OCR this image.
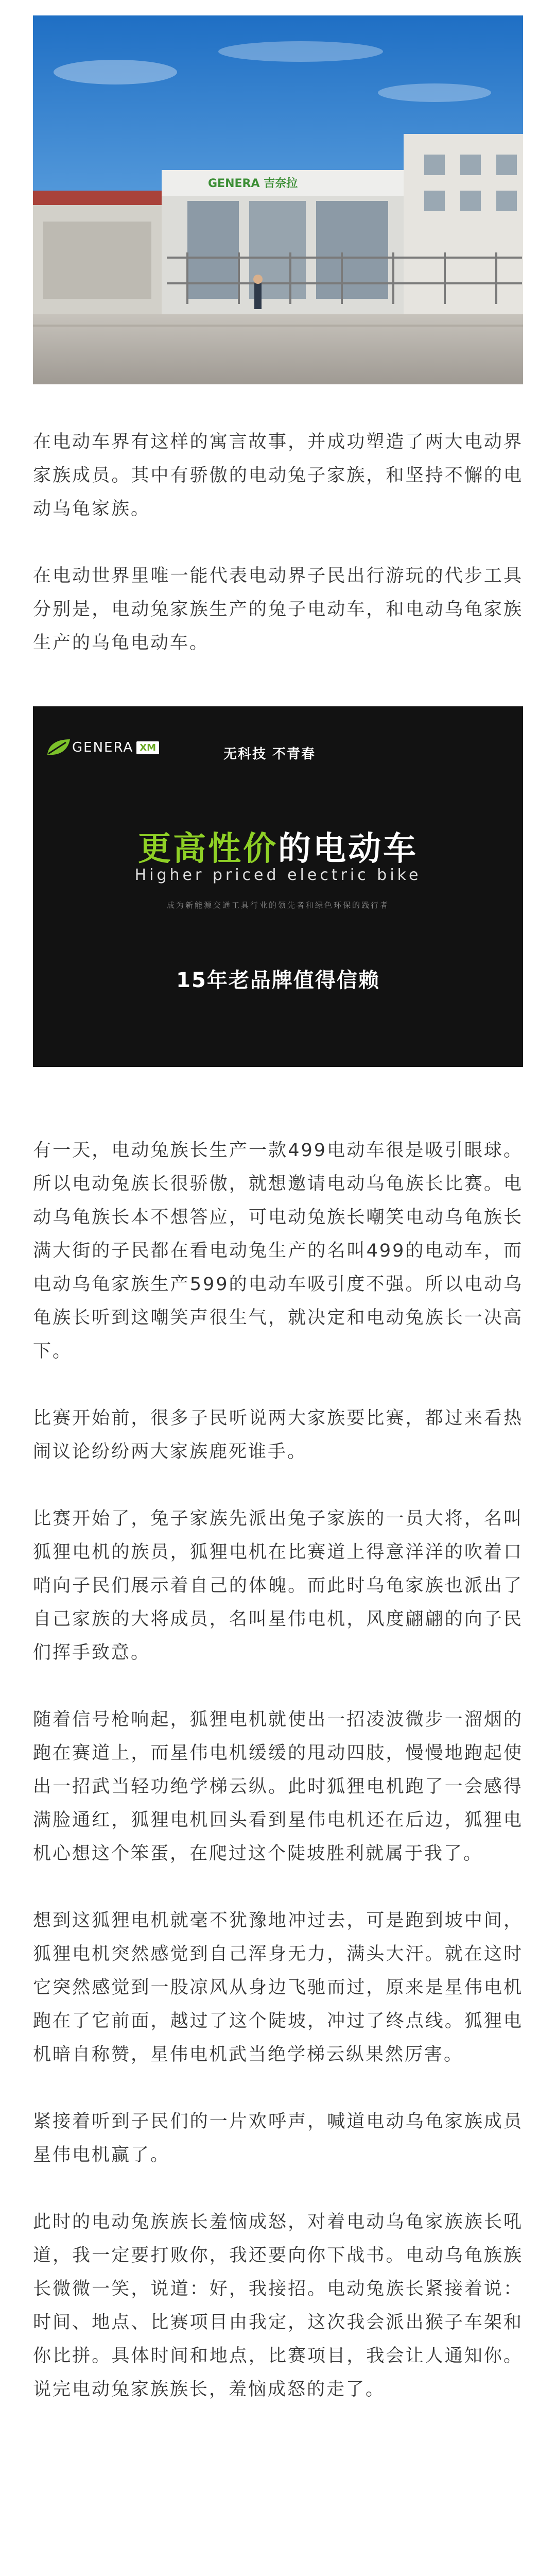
GENERA 吉奈拉

在电动车界有这样的寓言故事，并成功塑造了两大电动界家族成员。其中有骄傲的电动兔子家族，和坚持不懈的电动乌龟家族。

在电动世界里唯一能代表电动界子民出行游玩的代步工具分别是，电动兔家族生产的兔子电动车，和电动乌龟家族生产的乌龟电动车。

GENERA XM	无科技 不青春
更高性价的电动车
Higher priced electric bike
成为新能源交通工具行业的领先者和绿色环保的践行者
15年老品牌值得信赖

有一天，电动兔族长生产一款499电动车很是吸引眼球。所以电动兔族长很骄傲，就想邀请电动乌龟族长比赛。电动乌龟族长本不想答应，可电动兔族长嘲笑电动乌龟族长满大街的子民都在看电动兔生产的名叫499的电动车，而电动乌龟家族生产599的电动车吸引度不强。所以电动乌龟族长听到这嘲笑声很生气，就决定和电动兔族长一决高下。

比赛开始前，很多子民听说两大家族要比赛，都过来看热闹议论纷纷两大家族鹿死谁手。

比赛开始了，兔子家族先派出兔子家族的一员大将，名叫狐狸电机的族员，狐狸电机在比赛道上得意洋洋的吹着口哨向子民们展示着自己的体魄。而此时乌龟家族也派出了自己家族的大将成员，名叫星伟电机，风度翩翩的向子民们挥手致意。

随着信号枪响起，狐狸电机就使出一招凌波微步一溜烟的跑在赛道上，而星伟电机缓缓的甩动四肢，慢慢地跑起使出一招武当轻功绝学梯云纵。此时狐狸电机跑了一会感得满脸通红，狐狸电机回头看到星伟电机还在后边，狐狸电机心想这个笨蛋，在爬过这个陡坡胜利就属于我了。

想到这狐狸电机就毫不犹豫地冲过去，可是跑到坡中间，狐狸电机突然感觉到自己浑身无力，满头大汗。就在这时它突然感觉到一股凉风从身边飞驰而过，原来是星伟电机跑在了它前面，越过了这个陡坡，冲过了终点线。狐狸电机暗自称赞，星伟电机武当绝学梯云纵果然厉害。

紧接着听到子民们的一片欢呼声，喊道电动乌龟家族成员星伟电机赢了。

此时的电动兔族族长羞恼成怒，对着电动乌龟家族族长吼道，我一定要打败你，我还要向你下战书。电动乌龟族族长微微一笑，说道：好，我接招。电动兔族长紧接着说：时间、地点、比赛项目由我定，这次我会派出猴子车架和你比拼。具体时间和地点，比赛项目，我会让人通知你。说完电动兔家族族长，羞恼成怒的走了。
